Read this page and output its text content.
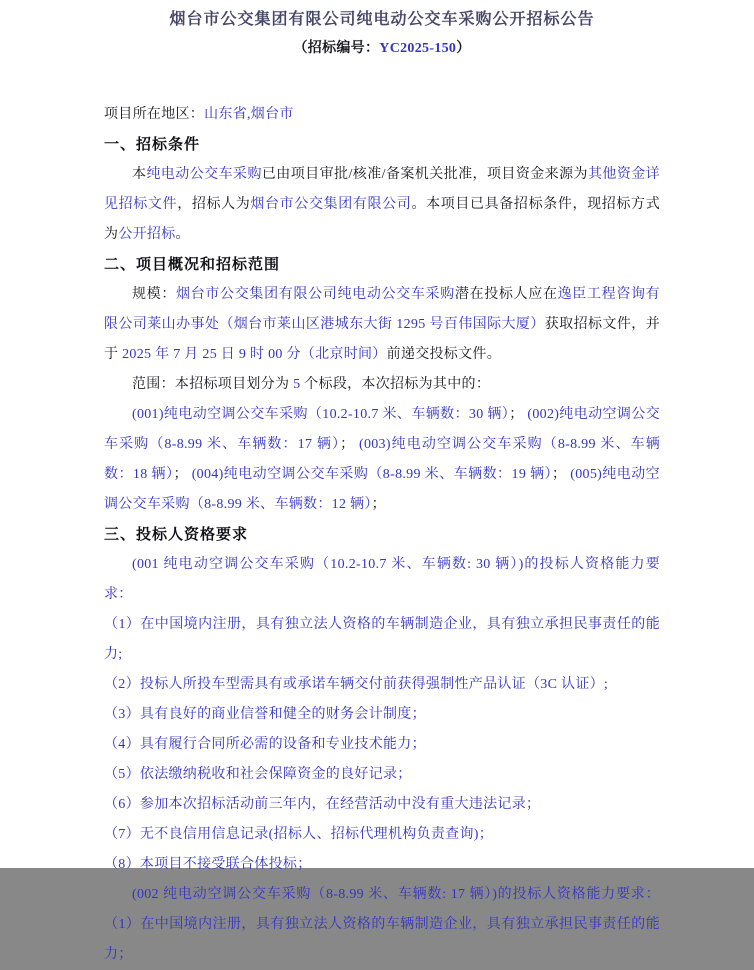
烟台市公交集团有限公司纯电动公交车采购公开招标公告
（招标编号：YC2025-150）
项目所在地区：山东省,烟台市
一、招标条件

本纯电动公交车采购已由项目审批/核准/备案机关批准，项目资金来源为其他资金详见招标文件，招标人为烟台市公交集团有限公司。本项目已具备招标条件，现招标方式为公开招标。

二、项目概况和招标范围

规模：烟台市公交集团有限公司纯电动公交车采购潜在投标人应在逸臣工程咨询有限公司莱山办事处（烟台市莱山区港城东大街 1295 号百伟国际大厦）获取招标文件，并于 2025 年 7 月 25 日 9 时 00 分（北京时间）前递交投标文件。

范围：本招标项目划分为 5 个标段，本次招标为其中的：

(001)纯电动空调公交车采购（10.2-10.7 米、车辆数：30 辆）； (002)纯电动空调公交车采购（8-8.99 米、车辆数：17 辆）； (003)纯电动空调公交车采购（8-8.99 米、车辆数：18 辆）； (004)纯电动空调公交车采购（8-8.99 米、车辆数：19 辆）； (005)纯电动空调公交车采购（8-8.99 米、车辆数：12 辆）；

三、投标人资格要求

(001 纯电动空调公交车采购（10.2-10.7 米、车辆数: 30 辆）)的投标人资格能力要求：

（1）在中国境内注册，具有独立法人资格的车辆制造企业，具有独立承担民事责任的能力;

（2）投标人所投车型需具有或承诺车辆交付前获得强制性产品认证（3C 认证）;

（3）具有良好的商业信誉和健全的财务会计制度；

（4）具有履行合同所必需的设备和专业技术能力；

（5）依法缴纳税收和社会保障资金的良好记录；

（6）参加本次招标活动前三年内，在经营活动中没有重大违法记录；

（7）无不良信用信息记录(招标人、招标代理机构负责查询)；

（8）本项目不接受联合体投标；

(002 纯电动空调公交车采购（8-8.99 米、车辆数: 17 辆）)的投标人资格能力要求：（1）在中国境内注册，具有独立法人资格的车辆制造企业，具有独立承担民事责任的能力；
